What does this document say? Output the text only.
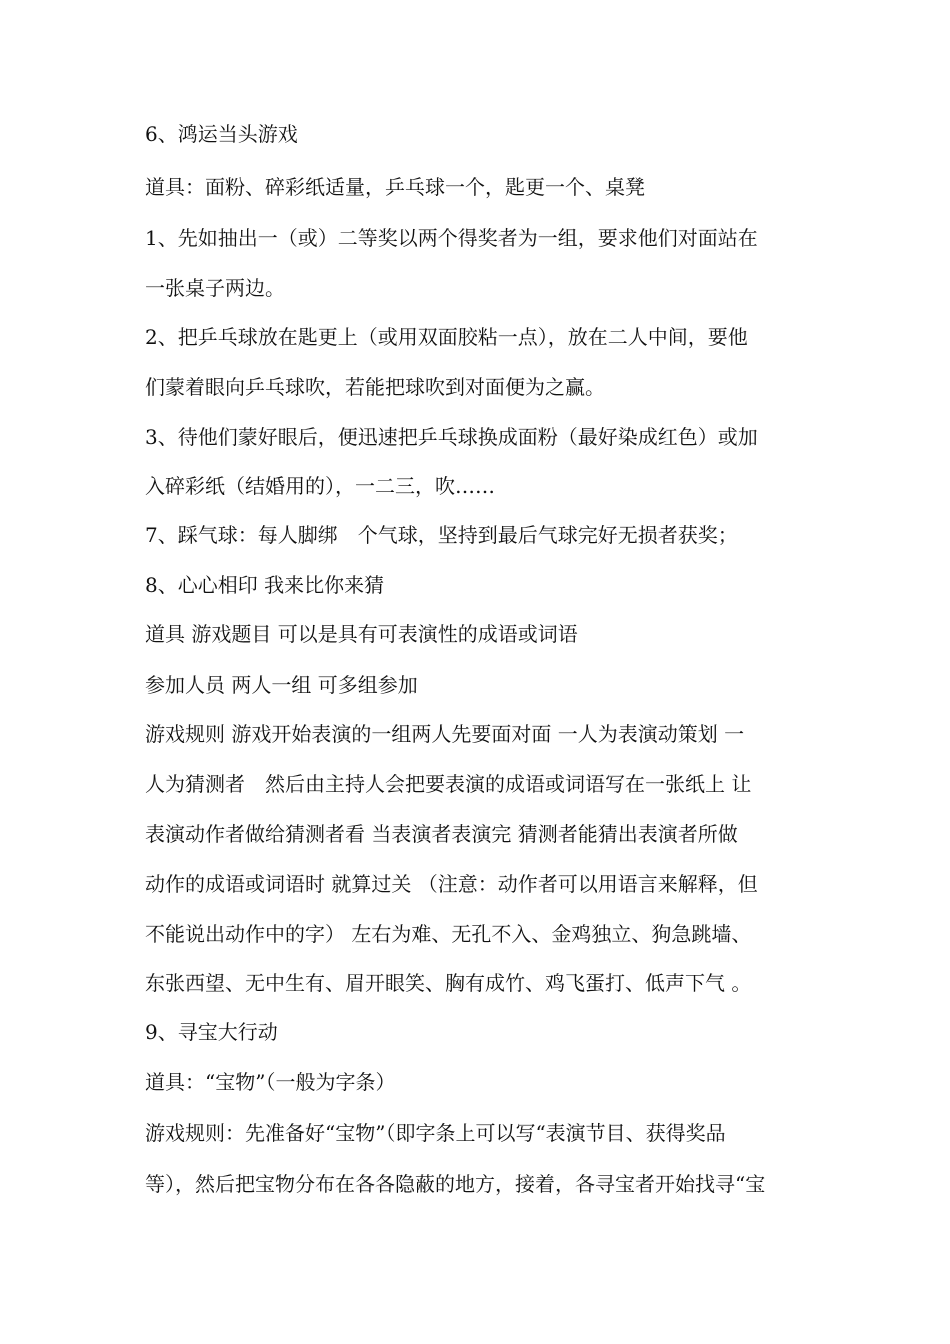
6、鸿运当头游戏
道具：面粉、碎彩纸适量，乒乓球一个，匙更一个、桌凳
1、先如抽出一（或）二等奖以两个得奖者为一组，要求他们对面站在
一张桌子两边。
2、把乒乓球放在匙更上（或用双面胶粘一点），放在二人中间，要他
们蒙着眼向乒乓球吹，若能把球吹到对面便为之赢。
3、待他们蒙好眼后，便迅速把乒乓球换成面粉（最好染成红色）或加
入碎彩纸（结婚用的），一二三，吹……
7、踩气球：每人脚绑　个气球，坚持到最后气球完好无损者获奖；
8、心心相印 我来比你来猜
道具 游戏题目 可以是具有可表演性的成语或词语
参加人员 两人一组 可多组参加
游戏规则 游戏开始表演的一组两人先要面对面 一人为表演动策划 一
人为猜测者　然后由主持人会把要表演的成语或词语写在一张纸上 让
表演动作者做给猜测者看 当表演者表演完 猜测者能猜出表演者所做
动作的成语或词语时 就算过关 （注意：动作者可以用语言来解释，但
不能说出动作中的字） 左右为难、无孔不入、金鸡独立、狗急跳墙、
东张西望、无中生有、眉开眼笑、胸有成竹、鸡飞蛋打、低声下气 。
9、寻宝大行动
道具：“宝物”（一般为字条）
游戏规则：先准备好“宝物”（即字条上可以写“表演节目、获得奖品
等），然后把宝物分布在各各隐蔽的地方，接着，各寻宝者开始找寻“宝
